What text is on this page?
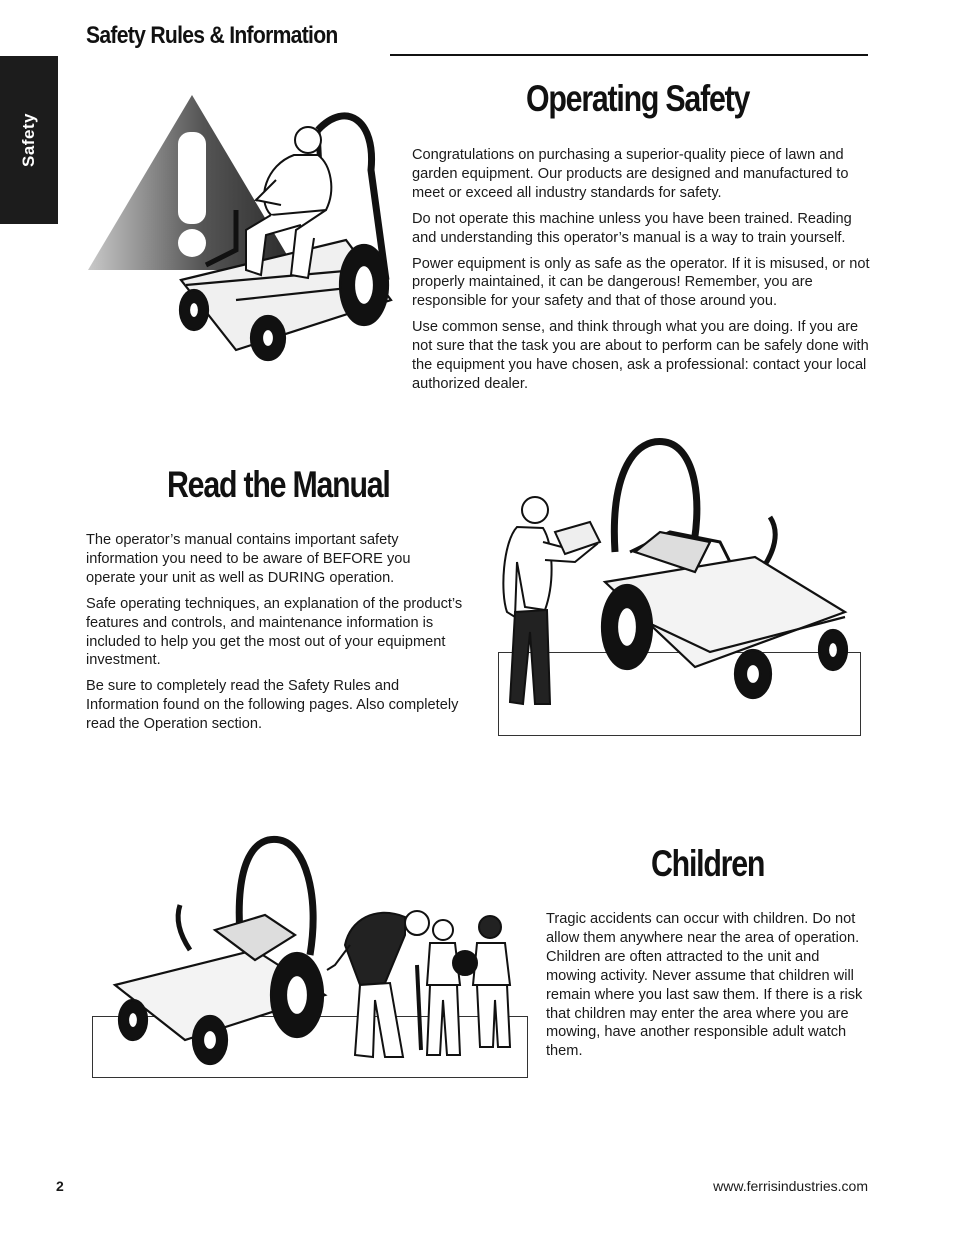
Safety Rules & Information
Safety
Operating Safety

Congratulations on purchasing a superior-quality piece of lawn and garden equipment. Our products are designed and manufactured to meet or exceed all industry standards for safety.

Do not operate this machine unless you have been trained. Reading and understanding this operator’s manual is a way to train yourself.

Power equipment is only as safe as the operator. If it is misused, or not properly maintained, it can be dangerous! Remember, you are responsible for your safety and that of those around you.

Use common sense, and think through what you are doing. If you are not sure that the task you are about to perform can be safely done with the equipment you have chosen, ask a professional: contact your local authorized dealer.

Read the Manual

The operator’s manual contains important safety information you need to be aware of BEFORE you operate your unit as well as DURING operation.

Safe operating techniques, an explanation of the product’s features and controls, and maintenance information is included to help you get the most out of your equipment investment.

Be sure to completely read the Safety Rules and Information found on the following pages. Also completely read the Operation section.

Children

Tragic accidents can occur with children. Do not allow them anywhere near the area of operation. Children are often attracted to the unit and mowing activity. Never assume that children will remain where you last saw them. If there is a risk that children may enter the area where you are mowing, have another responsible adult watch them.

2	www.ferrisindustries.com
